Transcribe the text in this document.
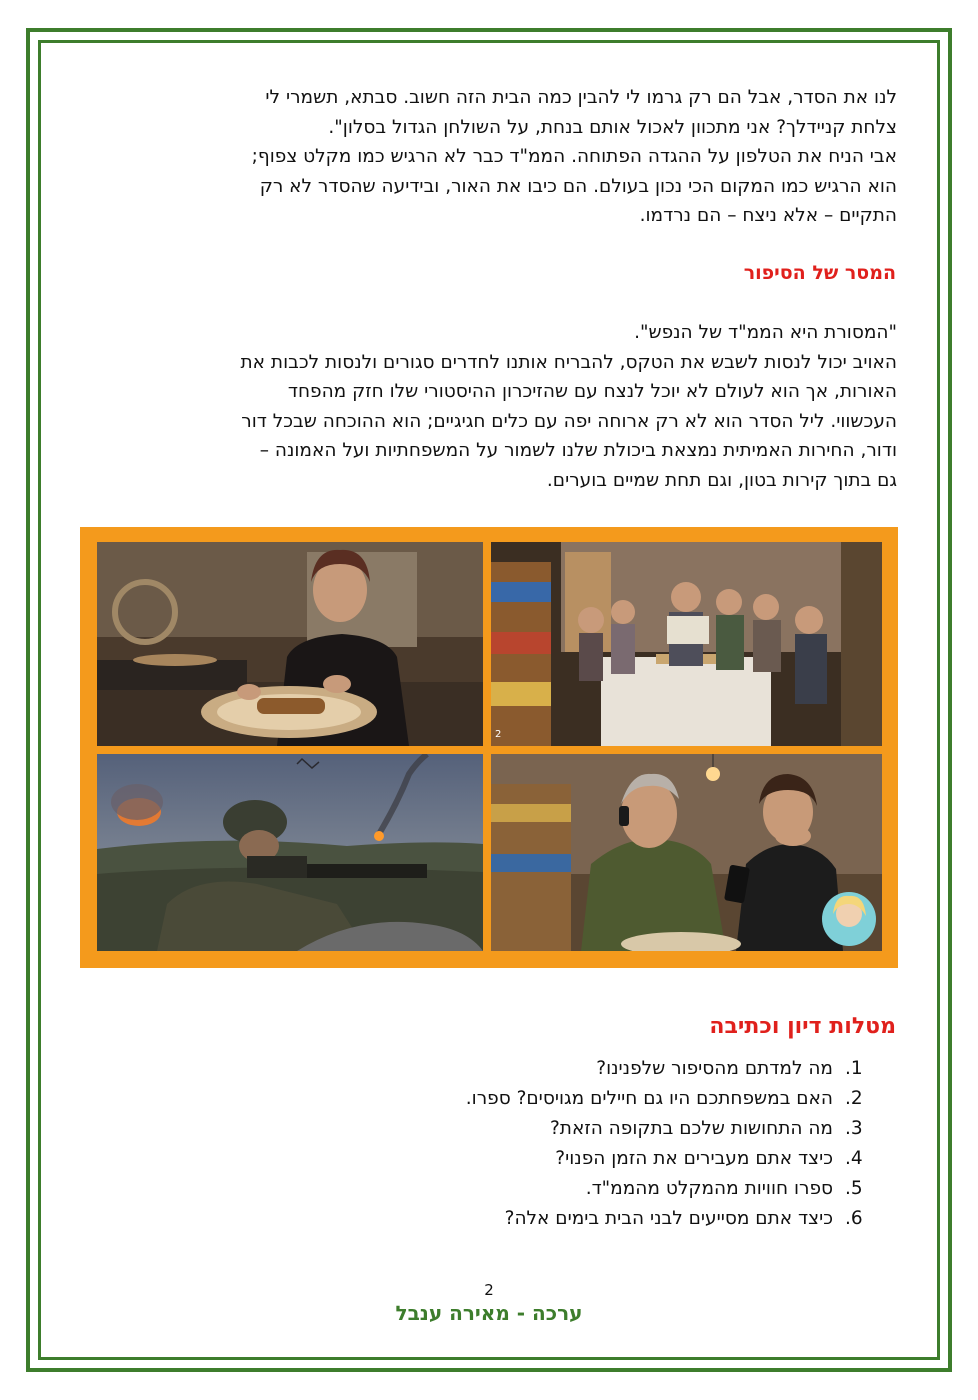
לנו את הסדר, אבל הם רק גרמו לי להבין כמה הבית הזה חשוב. סבתא, תשמרי לי

צלחת קניידלך? אני מתכוון לאכול אותם בנחת, על השולחן הגדול בסלון".

אבי הניח את הטלפון על ההגדה הפתוחה. הממ"ד כבר לא הרגיש כמו מקלט צפוף;

הוא הרגיש כמו המקום הכי נכון בעולם. הם כיבו את האור, ובידיעה שהסדר לא רק

התקיים – אלא ניצח – הם נרדמו.

המסר של הסיפור

"המסורת היא הממ"ד של הנפש".

האויב יכול לנסות לשבש את הטקס, להבריח אותנו לחדרים סגורים ולנסות לכבות את

האורות, אך הוא לעולם לא יוכל לנצח עם שהזיכרון ההיסטורי שלו חזק מהפחד

העכשווי. ליל הסדר הוא לא רק ארוחה יפה עם כלים חגיגיים; הוא ההוכחה שבכל דור

ודור, החירות האמיתית נמצאת ביכולת שלנו לשמור על המשפחתיות ועל האמונה –

גם בתוך קירות בטון, וגם תחת שמיים בוערים.

2
מטלות דיון וכתיבה
1.
מה למדתם מהסיפור שלפנינו?
2.
האם במשפחתכם היו גם חיילים מגויסים? ספרו.
3.
מה התחושות שלכם בתקופה הזאת?
4.
כיצד אתם מעבירים את הזמן הפנוי?
5.
ספרו חוויות מהמקלט מהממ"ד.
6.
כיצד אתם מסייעים לבני הבית בימים אלה?
2
ערכה - מאירה ענבל
